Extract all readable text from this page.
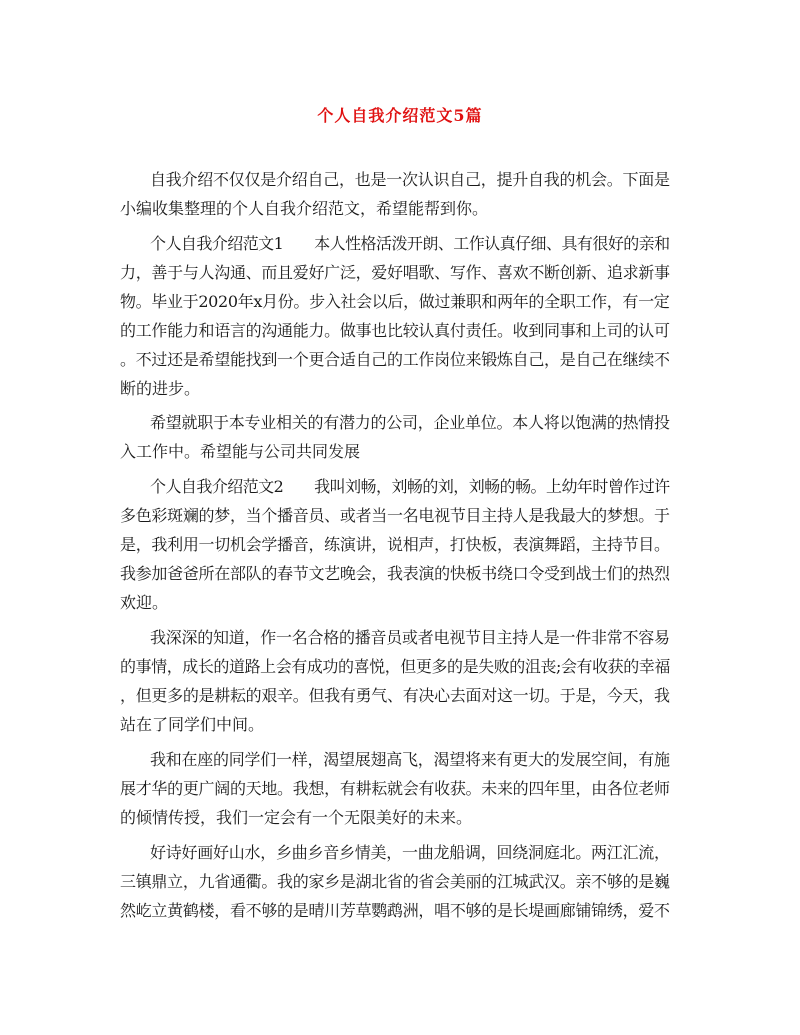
个人自我介绍范文5篇

自我介绍不仅仅是介绍自己，也是一次认识自己，提升自我的机会。下面是

小编收集整理的个人自我介绍范文，希望能帮到你。

个人自我介绍范文1　　本人性格活泼开朗、工作认真仔细、具有很好的亲和

力，善于与人沟通、而且爱好广泛，爱好唱歌、写作、喜欢不断创新、追求新事

物。毕业于2020年x月份。步入社会以后，做过兼职和两年的全职工作，有一定

的工作能力和语言的沟通能力。做事也比较认真付责任。收到同事和上司的认可

。不过还是希望能找到一个更合适自己的工作岗位来锻炼自己，是自己在继续不

断的进步。

希望就职于本专业相关的有潜力的公司，企业单位。本人将以饱满的热情投

入工作中。希望能与公司共同发展

个人自我介绍范文2　　我叫刘畅，刘畅的刘，刘畅的畅。上幼年时曾作过许

多色彩斑斓的梦，当个播音员、或者当一名电视节目主持人是我最大的梦想。于

是，我利用一切机会学播音，练演讲，说相声，打快板，表演舞蹈，主持节目。

我参加爸爸所在部队的春节文艺晚会，我表演的快板书绕口令受到战士们的热烈

欢迎。

我深深的知道，作一名合格的播音员或者电视节目主持人是一件非常不容易

的事情，成长的道路上会有成功的喜悦，但更多的是失败的沮丧;会有收获的幸福

，但更多的是耕耘的艰辛。但我有勇气、有决心去面对这一切。于是，今天，我

站在了同学们中间。

我和在座的同学们一样，渴望展翅高飞，渴望将来有更大的发展空间，有施

展才华的更广阔的天地。我想，有耕耘就会有收获。未来的四年里，由各位老师

的倾情传授，我们一定会有一个无限美好的未来。

好诗好画好山水，乡曲乡音乡情美，一曲龙船调，回绕洞庭北。两江汇流，

三镇鼎立，九省通衢。我的家乡是湖北省的省会美丽的江城武汉。亲不够的是巍

然屹立黄鹤楼，看不够的是晴川芳草鹦鹉洲，唱不够的是长堤画廊铺锦绣，爱不
